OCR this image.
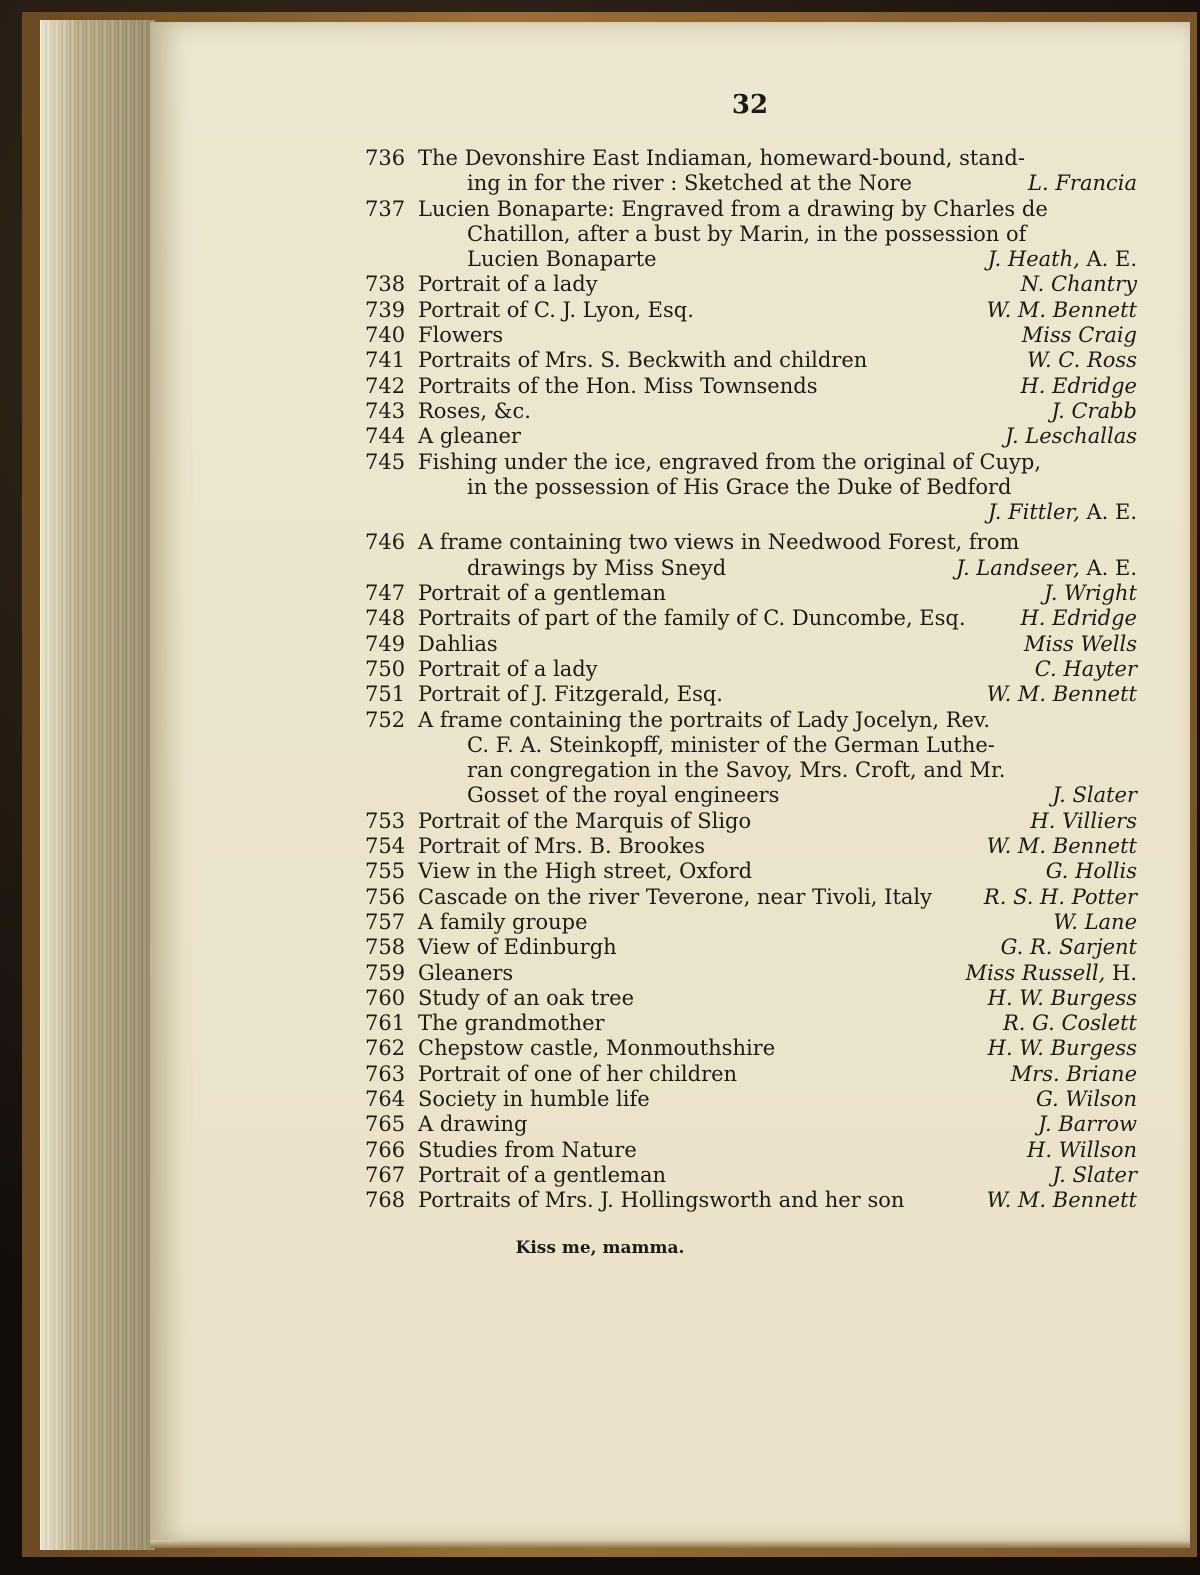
32
736 The Devonshire East Indiaman, homeward-bound, stand-
ing in for the river : Sketched at the Nore	L. Francia
737 Lucien Bonaparte: Engraved from a drawing by Charles de
Chatillon, after a bust by Marin, in the possession of
Lucien Bonaparte	J. Heath, A. E.
738 Portrait of a lady	N. Chantry
739 Portrait of C. J. Lyon, Esq.	W. M. Bennett
740 Flowers	Miss Craig
741 Portraits of Mrs. S. Beckwith and children	W. C. Ross
742 Portraits of the Hon. Miss Townsends	H. Edridge
743 Roses, &c.	J. Crabb
744 A gleaner	J. Leschallas
745 Fishing under the ice, engraved from the original of Cuyp,
in the possession of His Grace the Duke of Bedford
J. Fittler, A. E.
746 A frame containing two views in Needwood Forest, from
drawings by Miss Sneyd	J. Landseer, A. E.
747 Portrait of a gentleman	J. Wright
748 Portraits of part of the family of C. Duncombe, Esq.	H. Edridge
749 Dahlias	Miss Wells
750 Portrait of a lady	C. Hayter
751 Portrait of J. Fitzgerald, Esq.	W. M. Bennett
752 A frame containing the portraits of Lady Jocelyn, Rev.
C. F. A. Steinkopff, minister of the German Luthe-
ran congregation in the Savoy, Mrs. Croft, and Mr.
Gosset of the royal engineers	J. Slater
753 Portrait of the Marquis of Sligo	H. Villiers
754 Portrait of Mrs. B. Brookes	W. M. Bennett
755 View in the High street, Oxford	G. Hollis
756 Cascade on the river Teverone, near Tivoli, Italy R. S. H. Potter
757 A family groupe	W. Lane
758 View of Edinburgh	G. R. Sarjent
759 Gleaners	Miss Russell, H.
760 Study of an oak tree	H. W. Burgess
761 The grandmother	R. G. Coslett
762 Chepstow castle, Monmouthshire	H. W. Burgess
763 Portrait of one of her children	Mrs. Briane
764 Society in humble life	G. Wilson
765 A drawing	J. Barrow
766 Studies from Nature	H. Willson
767 Portrait of a gentleman	J. Slater
768 Portraits of Mrs. J. Hollingsworth and her son	W. M. Bennett
Kiss me, mamma.
